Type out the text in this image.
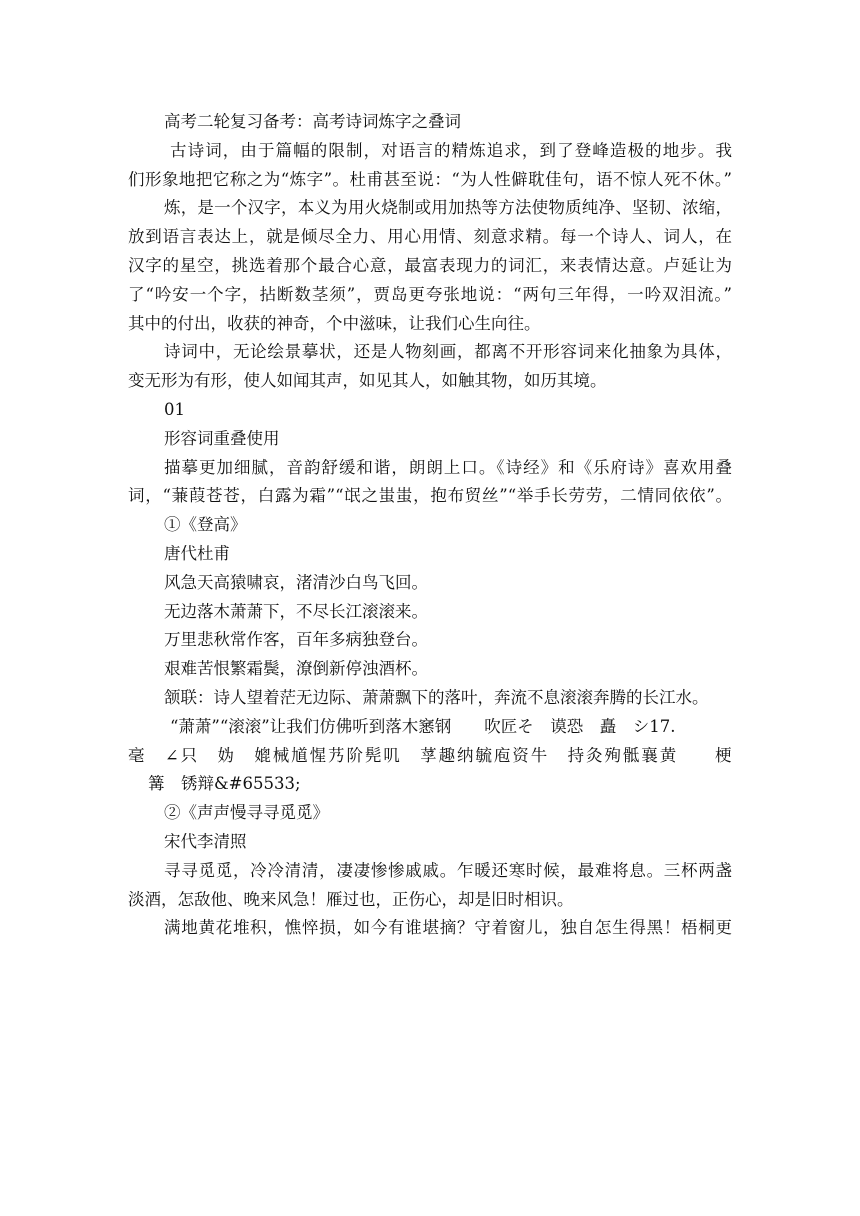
高考二轮复习备考：高考诗词炼字之叠词
古诗词，由于篇幅的限制，对语言的精炼追求，到了登峰造极的地步。我
们形象地把它称之为“炼字”。杜甫甚至说：“为人性僻耽佳句，语不惊人死不休。”
炼，是一个汉字，本义为用火烧制或用加热等方法使物质纯净、坚韧、浓缩，
放到语言表达上，就是倾尽全力、用心用情、刻意求精。每一个诗人、词人，在
汉字的星空，挑选着那个最合心意，最富表现力的词汇，来表情达意。卢延让为
了“吟安一个字，拈断数茎须”，贾岛更夸张地说：“两句三年得，一吟双泪流。”
其中的付出，收获的神奇，个中滋味，让我们心生向往。
诗词中，无论绘景摹状，还是人物刻画，都离不开形容词来化抽象为具体，
变无形为有形，使人如闻其声，如见其人，如触其物，如历其境。
01
形容词重叠使用
描摹更加细腻，音韵舒缓和谐，朗朗上口。《诗经》和《乐府诗》喜欢用叠
词，“蒹葭苍苍，白露为霜”“氓之蚩蚩，抱布贸丝”“举手长劳劳，二情同依依”。
①《登高》
唐代杜甫
风急天高猿啸哀，渚清沙白鸟飞回。
无边落木萧萧下，不尽长江滚滚来。
万里悲秋常作客，百年多病独登台。
艰难苦恨繁霜鬓，潦倒新停浊酒杯。
颔联：诗人望着茫无边际、萧萧飘下的落叶，奔流不息滚滚奔腾的长江水。
“萧萧”“滚滚”让我们仿佛听到落木窸钢　　吹匠そ　谟恐　矗　シ17.
毫　∠只　妫　媲械馗惺艿阶髡叽　莩趣纳毓庖资牛　持灸殉骶襄黄　　梗
篝　锈辩&#65533;
②《声声慢寻寻觅觅》
宋代李清照
寻寻觅觅，冷冷清清，凄凄惨惨戚戚。乍暖还寒时候，最难将息。三杯两盏
淡酒，怎敌他、晚来风急！雁过也，正伤心，却是旧时相识。
满地黄花堆积，憔悴损，如今有谁堪摘？守着窗儿，独自怎生得黑！梧桐更
